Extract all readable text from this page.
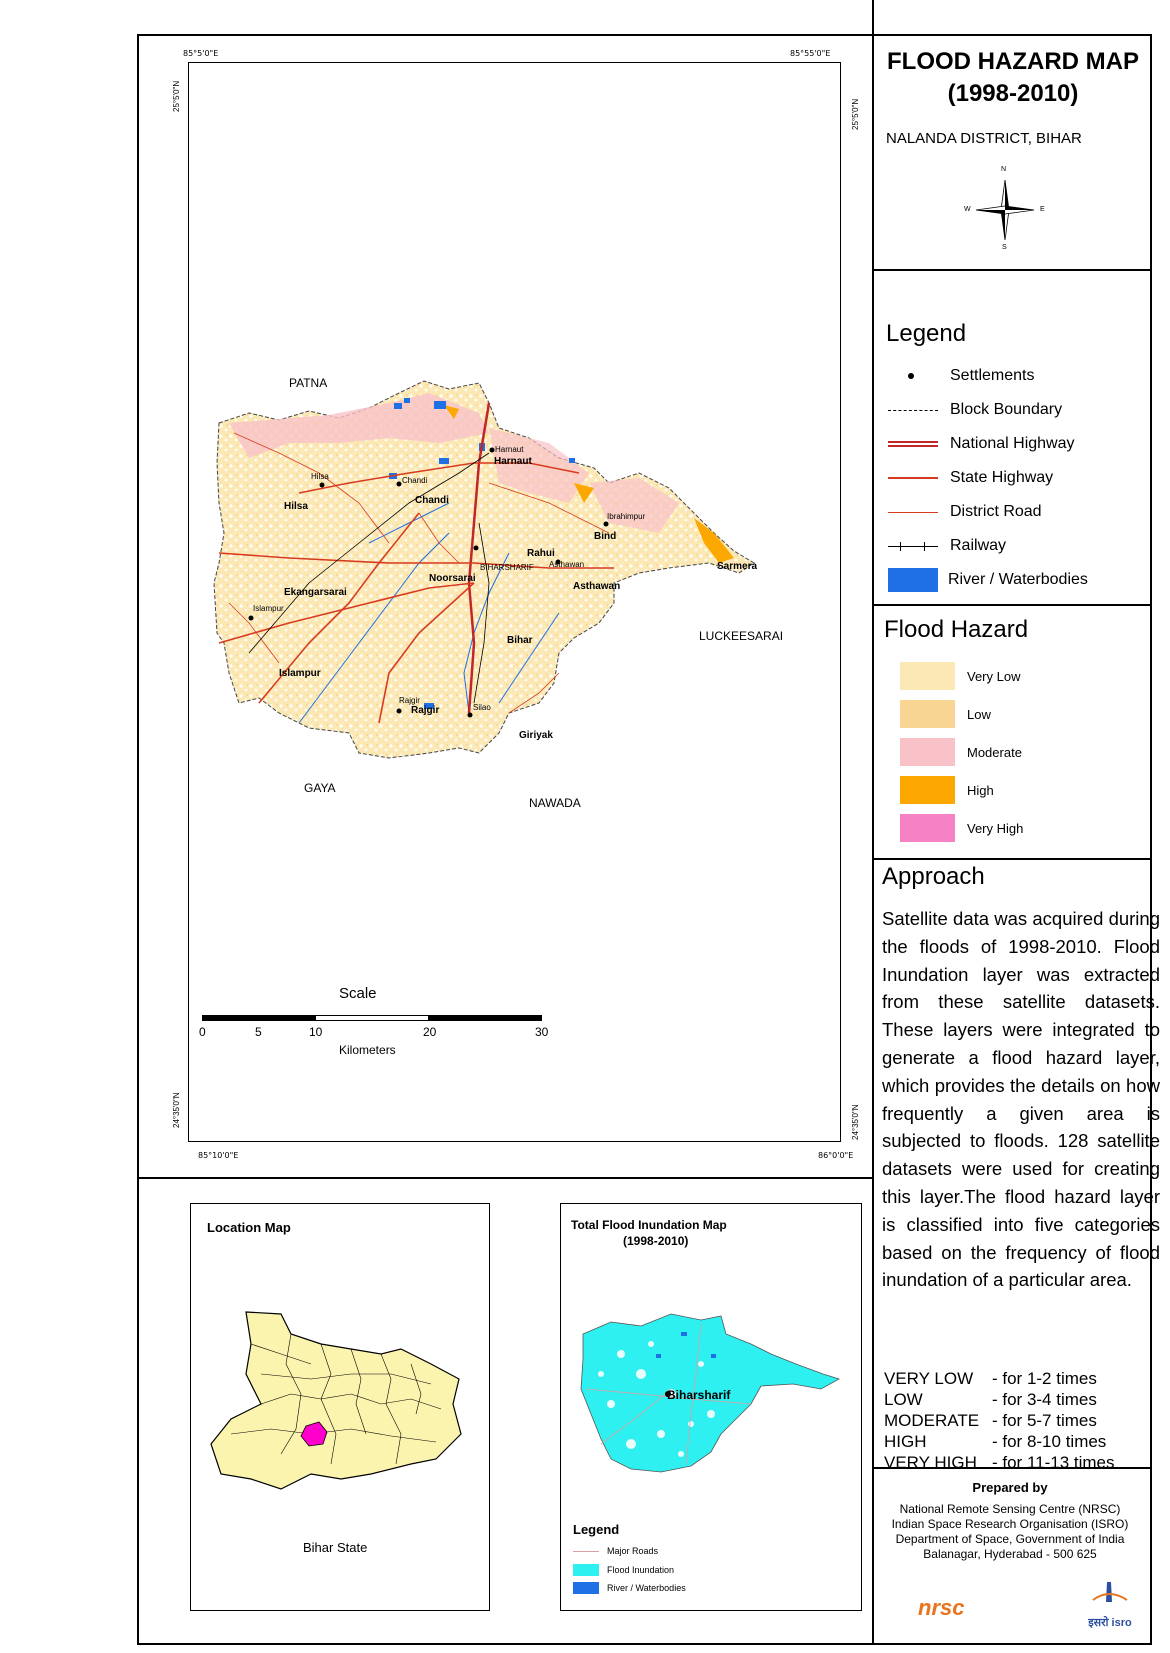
PATNA
LUCKEESARAI
GAYA
NAWADA
Harnaut
Hilsa
Chandi
Rahui
Rajgir
Giriyak
Ekangarsarai
Noorsarai
Islampur
Bihar
Asthawan
Sarmera
Bind
Harnaut
Hilsa	Chandi
BIHARSHARIF Asthawan
Ibrahimpur
Islampur
Rajgir
Silao
Scale
0	5	10	20	30
Kilometers
85°5'0"E	85°55'0"E
85°10'0"E	86°0'0"E
25°5'0"N
24°35'0"N
25°5'0"N
24°35'0"N
FLOOD HAZARD MAP
(1998-2010)
NALANDA DISTRICT, BIHAR
N
S
E
W
Legend
Settlements
Block Boundary
National Highway
State Highway
District Road
Railway
River / Waterbodies
Flood Hazard
Very Low
Low
Moderate
High
Very High
Approach
Satellite data was acquired during the floods of 1998-2010. Flood Inundation layer was extracted from these satellite datasets. These layers were integrated to generate a flood hazard layer, which provides the details on how frequently a given area is subjected to floods. 128 satellite datasets were used for creating this layer.The flood hazard layer is classified into five categories based on the frequency of flood inundation of a particular area.
VERY LOW	- for 1-2 times
LOW	- for 3-4 times
MODERATE	- for 5-7 times
HIGH	- for 8-10 times
VERY HIGH	- for 11-13 times
Prepared by
National Remote Sensing Centre (NRSC)
Indian Space Research Organisation (ISRO)
Department of Space, Government of India
Balanagar, Hyderabad - 500 625
nrsc
इसरो isro
Location Map
Bihar State
Total Flood Inundation Map
(1998-2010)
Biharsharif
Legend
Major Roads
Flood Inundation
River / Waterbodies
